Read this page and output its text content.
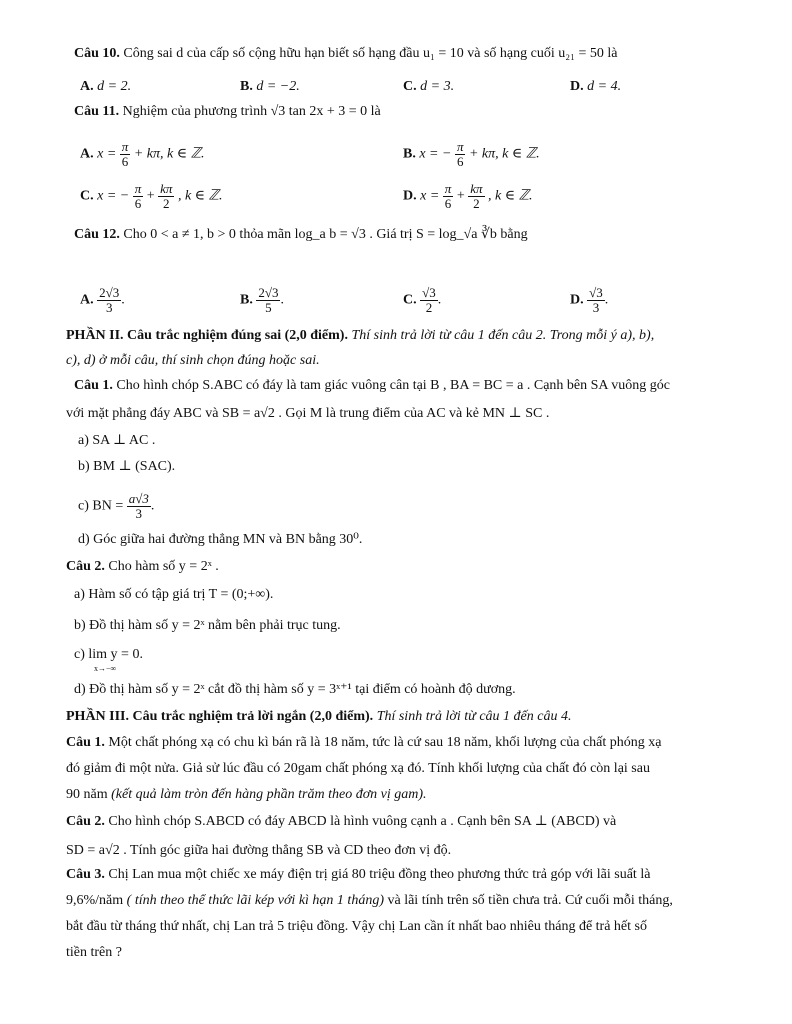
Câu 10. Công sai d của cấp số cộng hữu hạn biết số hạng đầu u₁ = 10 và số hạng cuối u₂₁ = 50 là
A. d = 2.	B. d = −2.	C. d = 3.	D. d = 4.
Câu 11. Nghiệm của phương trình √3 tan 2x + 3 = 0 là
A. $x = \frac{\pi}{6} + k\pi$, k ∈ ℤ.	B. x = − $\frac{\pi}{6} + k\pi$, k ∈ ℤ.
C. x = − $\frac{\pi}{6} + \frac{k\pi}{2}$ , k ∈ ℤ.	D. $x = \frac{\pi}{6} + \frac{k\pi}{2}$ , k ∈ ℤ.
Câu 12. Cho 0 < a ≠ 1, b > 0 thỏa mãn log_a b = √3 . Giá trị S = log_√a ∛b bằng
A. $\frac{2√3}{3}$ .	B. $\frac{2√3}{5}$ .	C. $\frac{√3}{2}$ .	D. $\frac{√3}{3}$ .
PHẦN II. Câu trắc nghiệm đúng sai (2,0 điểm). Thí sinh trả lời từ câu 1 đến câu 2. Trong mỗi ý a), b),
c), d) ở mỗi câu, thí sinh chọn đúng hoặc sai.
Câu 1. Cho hình chóp S.ABC có đáy là tam giác vuông cân tại B , BA = BC = a . Cạnh bên SA vuông góc
với mặt phẳng đáy ABC và SB = a√2 . Gọi M là trung điểm của AC và kẻ MN ⊥ SC .
a) SA ⊥ AC .
b) BM ⊥ (SAC).
c) BN = $\frac{a√3}{3}$ .
d) Góc giữa hai đường thẳng MN và BN bằng 30⁰.
Câu 2. Cho hàm số y = 2ˣ .
a) Hàm số có tập giá trị T = (0;+∞).
b) Đồ thị hàm số y = 2ˣ nằm bên phải trục tung.
c) lim y = 0.
x→−∞
d) Đồ thị hàm số y = 2ˣ cắt đồ thị hàm số y = 3ˣ⁺¹ tại điểm có hoành độ dương.
PHẦN III. Câu trắc nghiệm trả lời ngắn (2,0 điểm). Thí sinh trả lời từ câu 1 đến câu 4.
Câu 1. Một chất phóng xạ có chu kì bán rã là 18 năm, tức là cứ sau 18 năm, khối lượng của chất phóng xạ
đó giảm đi một nửa. Giả sử lúc đầu có 20gam chất phóng xạ đó. Tính khối lượng của chất đó còn lại sau
90 năm (kết quả làm tròn đến hàng phần trăm theo đơn vị gam).
Câu 2. Cho hình chóp S.ABCD có đáy ABCD là hình vuông cạnh a . Cạnh bên SA ⊥ (ABCD) và
SD = a√2 . Tính góc giữa hai đường thẳng SB và CD theo đơn vị độ.
Câu 3. Chị Lan mua một chiếc xe máy điện trị giá 80 triệu đồng theo phương thức trả góp với lãi suất là
9,6%/năm ( tính theo thể thức lãi kép với kì hạn 1 tháng) và lãi tính trên số tiền chưa trả. Cứ cuối mỗi tháng,
bắt đầu từ tháng thứ nhất, chị Lan trả 5 triệu đồng. Vậy chị Lan cần ít nhất bao nhiêu tháng để trả hết số
tiền trên ?
